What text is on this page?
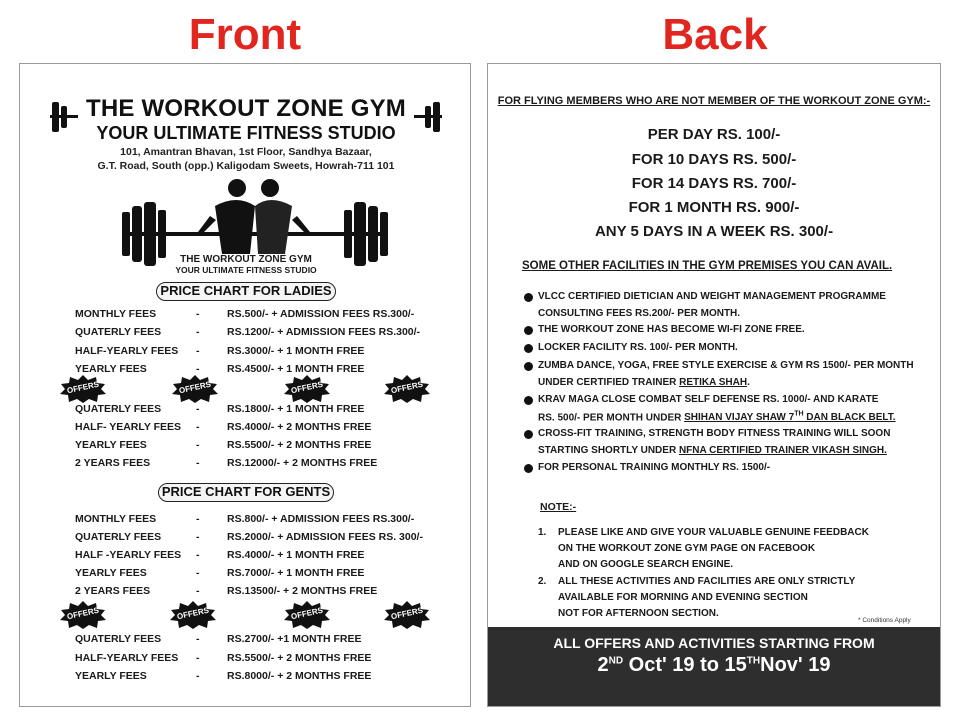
Front	Back
THE WORKOUT ZONE GYM
YOUR ULTIMATE FITNESS STUDIO
101, Amantran Bhavan, 1st Floor, Sandhya Bazaar,
G.T. Road, South (opp.) Kaligodam Sweets, Howrah-711 101
THE WORKOUT ZONE GYM
YOUR ULTIMATE FITNESS STUDIO
PRICE CHART FOR LADIES
MONTHLY FEES	-	RS.500/- + ADMISSION FEES RS.300/-
QUATERLY FEES	-	RS.1200/- + ADMISSION FEES RS.300/-
HALF-YEARLY FEES -	RS.3000/- + 1 MONTH FREE
YEARLY FEES	-	RS.4500/- + 1 MONTH FREE
OFFERS	OFFERS	OFFERS	OFFERS
QUATERLY FEES	-	RS.1800/- + 1 MONTH FREE
HALF- YEARLY FEES -	RS.4000/- + 2 MONTHS FREE
YEARLY FEES	-	RS.5500/- + 2 MONTHS FREE
2 YEARS FEES	-	RS.12000/- + 2 MONTHS FREE
PRICE CHART FOR GENTS
MONTHLY FEES	-	RS.800/- + ADMISSION FEES RS.300/-
QUATERLY FEES	-	RS.2000/- + ADMISSION FEES RS. 300/-
HALF -YEARLY FEES -	RS.4000/- + 1 MONTH FREE
YEARLY FEES	-	RS.7000/- + 1 MONTH FREE
2 YEARS FEES	-	RS.13500/- + 2 MONTHS FREE
OFFERS	OFFERS	OFFERS	OFFERS
QUATERLY FEES	-	RS.2700/- +1 MONTH FREE
HALF-YEARLY FEES -	RS.5500/- + 2 MONTHS FREE
YEARLY FEES	-	RS.8000/- + 2 MONTHS FREE
FOR FLYING MEMBERS WHO ARE NOT MEMBER OF THE WORKOUT ZONE GYM:-
PER DAY RS. 100/-
FOR 10 DAYS RS. 500/-
FOR 14 DAYS RS. 700/-
FOR 1 MONTH RS. 900/-
ANY 5 DAYS IN A WEEK RS. 300/-
SOME OTHER FACILITIES IN THE GYM PREMISES YOU CAN AVAIL.
VLCC CERTIFIED DIETICIAN AND WEIGHT MANAGEMENT PROGRAMME
CONSULTING FEES RS.200/- PER MONTH.
THE WORKOUT ZONE HAS BECOME WI-FI ZONE FREE.
LOCKER FACILITY RS. 100/- PER MONTH.
ZUMBA DANCE, YOGA, FREE STYLE EXERCISE & GYM RS 1500/- PER MONTH
UNDER CERTIFIED TRAINER RETIKA SHAH.
KRAV MAGA CLOSE COMBAT SELF DEFENSE RS. 1000/- AND KARATE
RS. 500/- PER MONTH UNDER SHIHAN VIJAY SHAW 7TH DAN BLACK BELT.
CROSS-FIT TRAINING, STRENGTH BODY FITNESS TRAINING WILL SOON
STARTING SHORTLY UNDER NFNA CERTIFIED TRAINER VIKASH SINGH.
FOR PERSONAL TRAINING MONTHLY RS. 1500/-
NOTE:-
1. PLEASE LIKE AND GIVE YOUR VALUABLE GENUINE FEEDBACK
ON THE WORKOUT ZONE GYM PAGE ON FACEBOOK
AND ON GOOGLE SEARCH ENGINE.
2. ALL THESE ACTIVITIES AND FACILITIES ARE ONLY STRICTLY
AVAILABLE FOR MORNING AND EVENING SECTION
NOT FOR AFTERNOON SECTION.
* Conditions Apply
ALL OFFERS AND ACTIVITIES STARTING FROM
2ND Oct' 19 to 15THNov' 19
